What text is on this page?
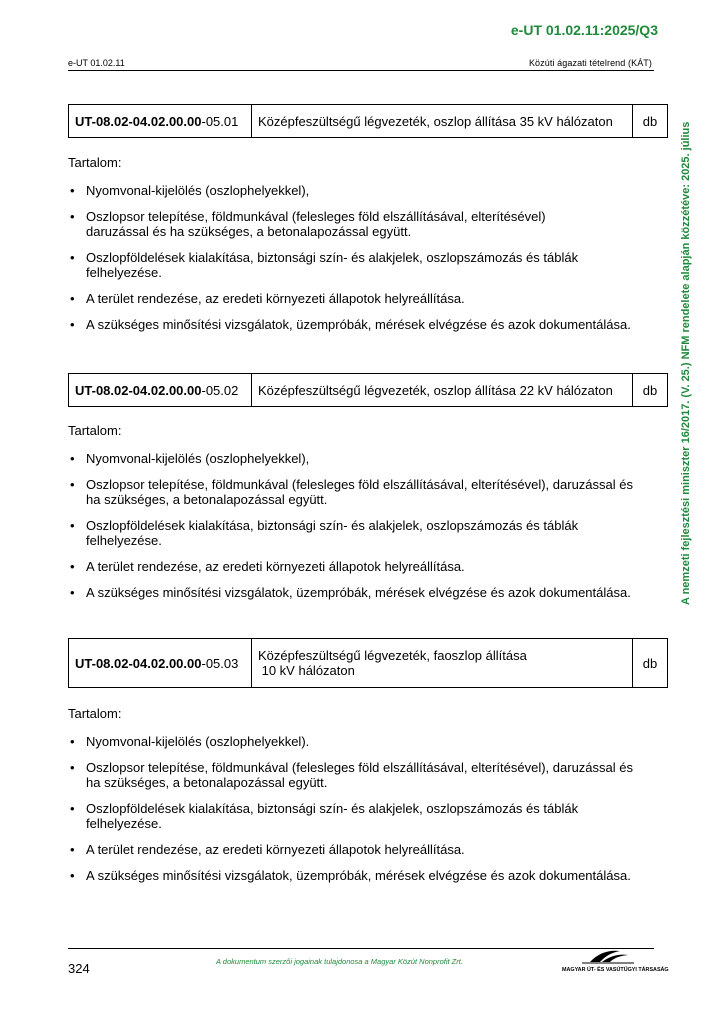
e-UT 01.02.11:2025/Q3
e-UT 01.02.11	Közúti ágazati tételrend (KÁT)
A nemzeti fejlesztési miniszter 16/2017. (V. 25.) NFM rendelete alapján közzétéve: 2025. július
UT-08.02-04.02.00.00-05.01	Középfeszültségű légvezeték, oszlop állítása 35 kV hálózaton	db
Tartalom:
• Nyomvonal-kijelölés (oszlophelyekkel),
• Oszlopsor telepítése, földmunkával (felesleges föld elszállításával, elterítésével)
daruzással és ha szükséges, a betonalapozással együtt.
• Oszlopföldelések kialakítása, biztonsági szín- és alakjelek, oszlopszámozás és táblák
felhelyezése.
• A terület rendezése, az eredeti környezeti állapotok helyreállítása.
• A szükséges minősítési vizsgálatok, üzempróbák, mérések elvégzése és azok dokumentálása.
UT-08.02-04.02.00.00-05.02	Középfeszültségű légvezeték, oszlop állítása 22 kV hálózaton	db
Tartalom:
• Nyomvonal-kijelölés (oszlophelyekkel),
• Oszlopsor telepítése, földmunkával (felesleges föld elszállításával, elterítésével), daruzással és
ha szükséges, a betonalapozással együtt.
• Oszlopföldelések kialakítása, biztonsági szín- és alakjelek, oszlopszámozás és táblák
felhelyezése.
• A terület rendezése, az eredeti környezeti állapotok helyreállítása.
• A szükséges minősítési vizsgálatok, üzempróbák, mérések elvégzése és azok dokumentálása.
UT-08.02-04.02.00.00-05.03	Középfeszültségű légvezeték, faoszlop állítása
10 kV hálózaton	db
Tartalom:
• Nyomvonal-kijelölés (oszlophelyekkel).
• Oszlopsor telepítése, földmunkával (felesleges föld elszállításával, elterítésével), daruzással és
ha szükséges, a betonalapozással együtt.
• Oszlopföldelések kialakítása, biztonsági szín- és alakjelek, oszlopszámozás és táblák
felhelyezése.
• A terület rendezése, az eredeti környezeti állapotok helyreállítása.
• A szükséges minősítési vizsgálatok, üzempróbák, mérések elvégzése és azok dokumentálása.
324	A dokumentum szerzői jogainak tulajdonosa a Magyar Közút Nonprofit Zrt.
MAGYAR ÚT- ÉS VASÚTÜGYI TÁRSASÁG
